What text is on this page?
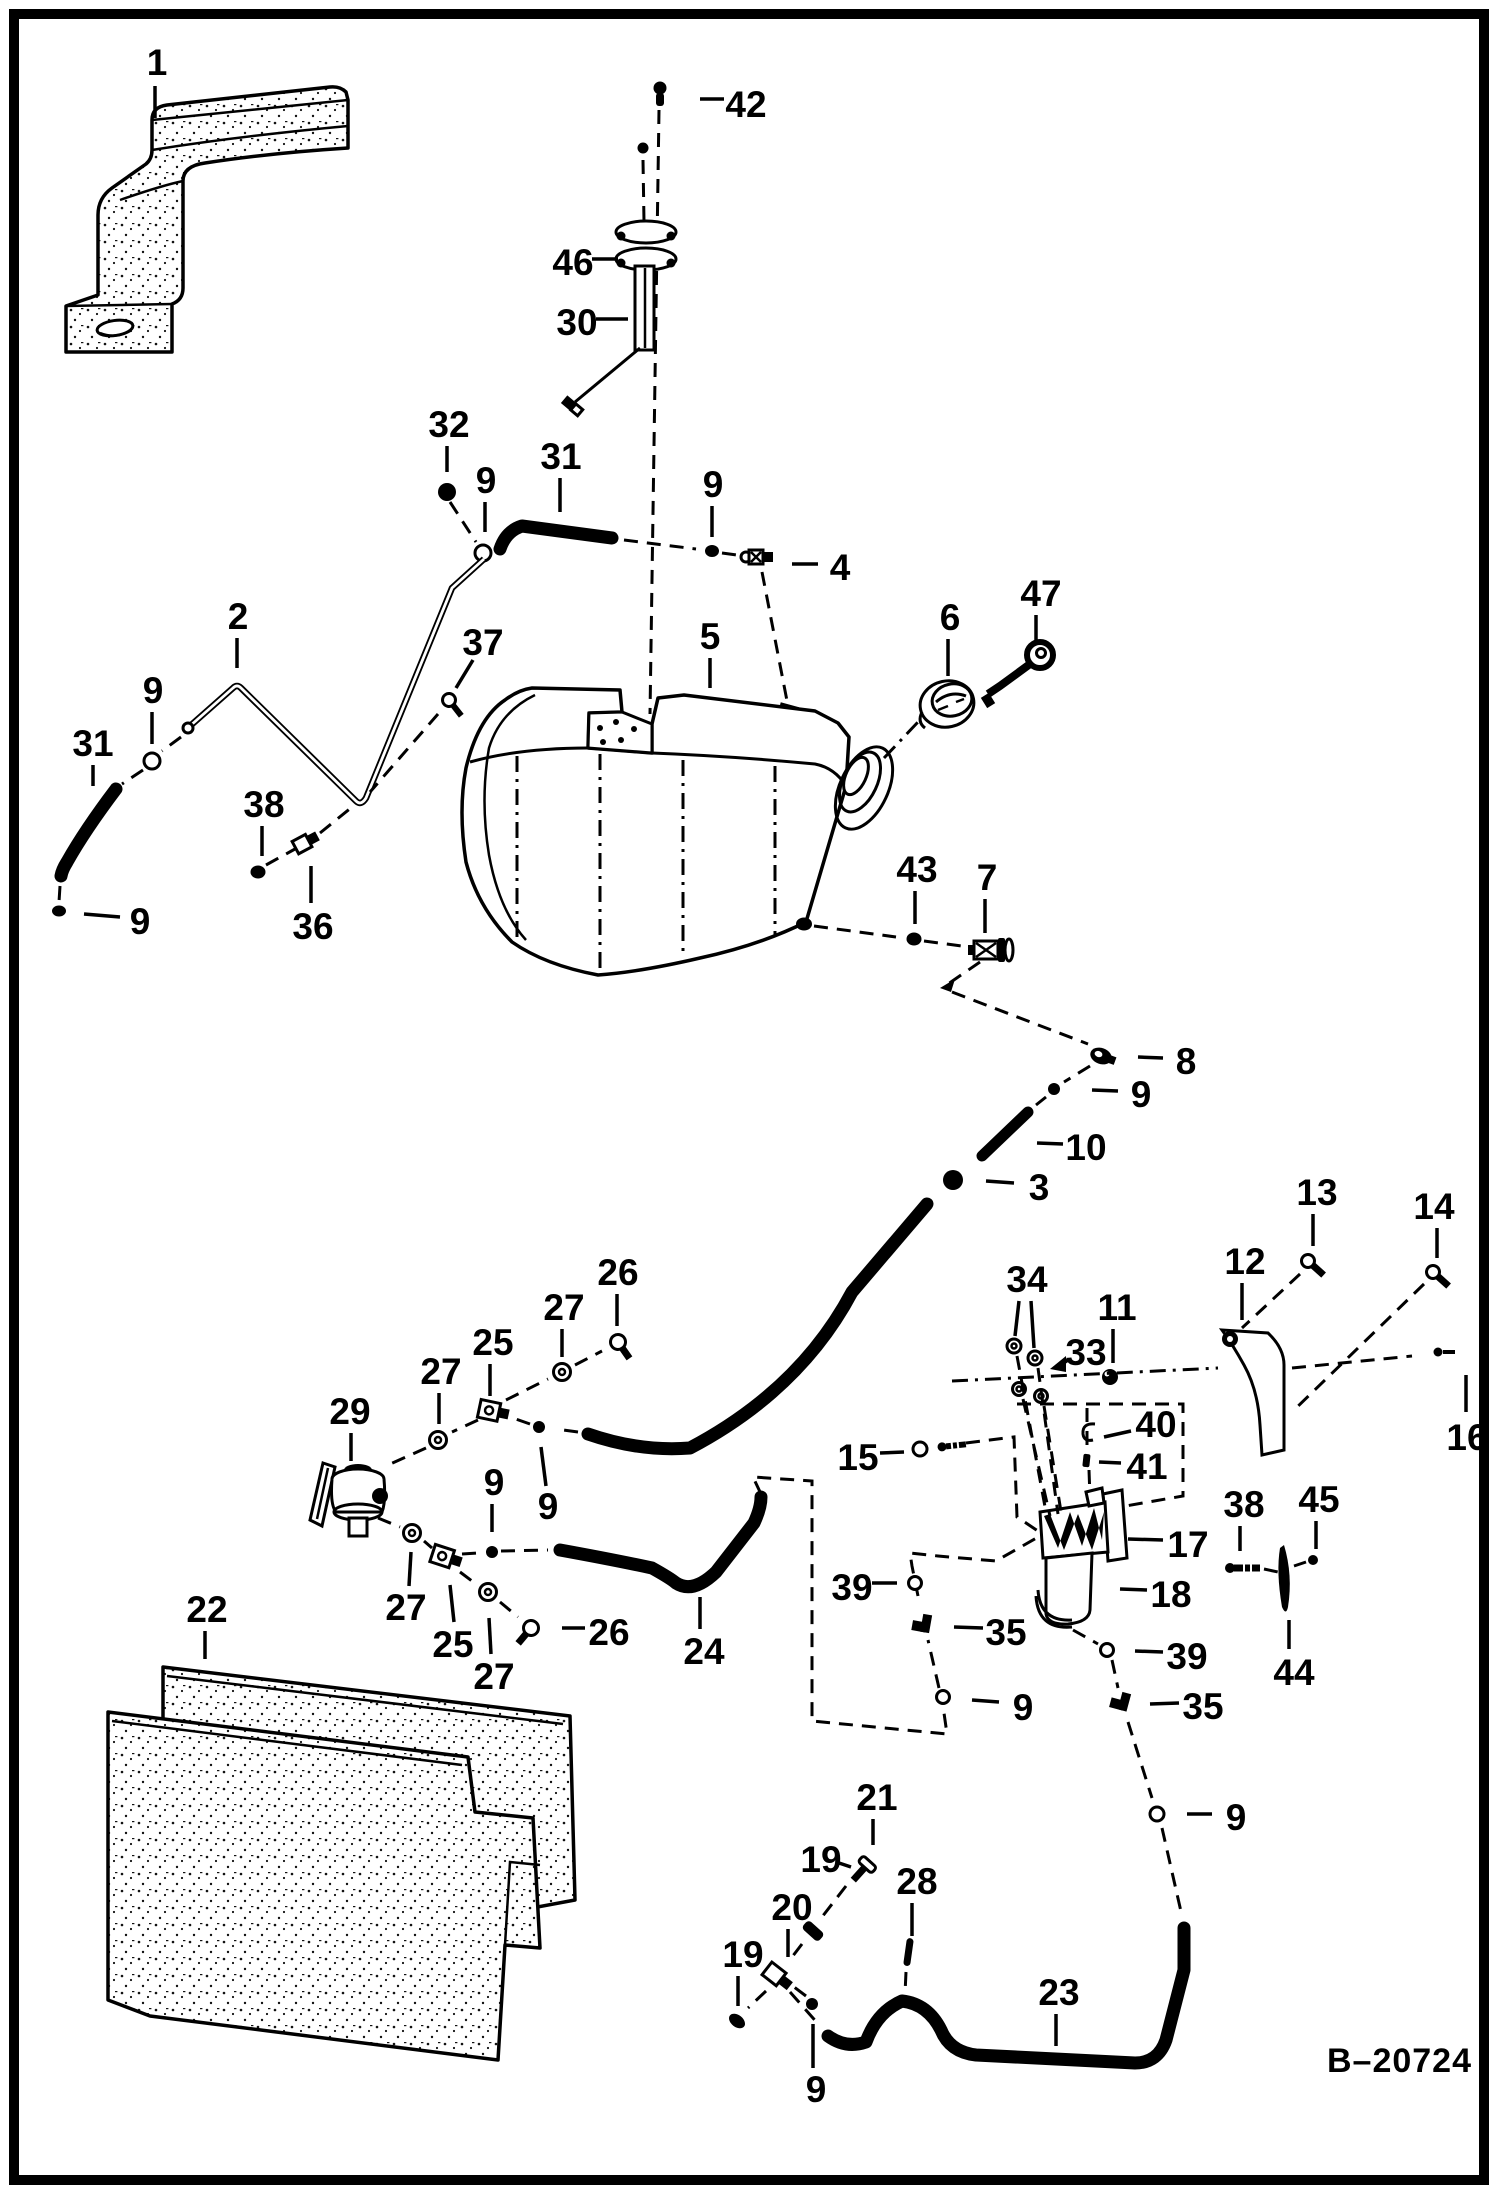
1
42
46
30
32
9
31
9
4
2
37	5	6
47
9
31
38
36
9
43 7
8
9
10
3
34
11
33
12
13 14
16
15
40
41
17
18
38 45
44
29
27
25
27
26
9
9
27
25
27
26 24
22
21
19
20
19
28
9
23
39
35
9
39
35
9
B–20724
